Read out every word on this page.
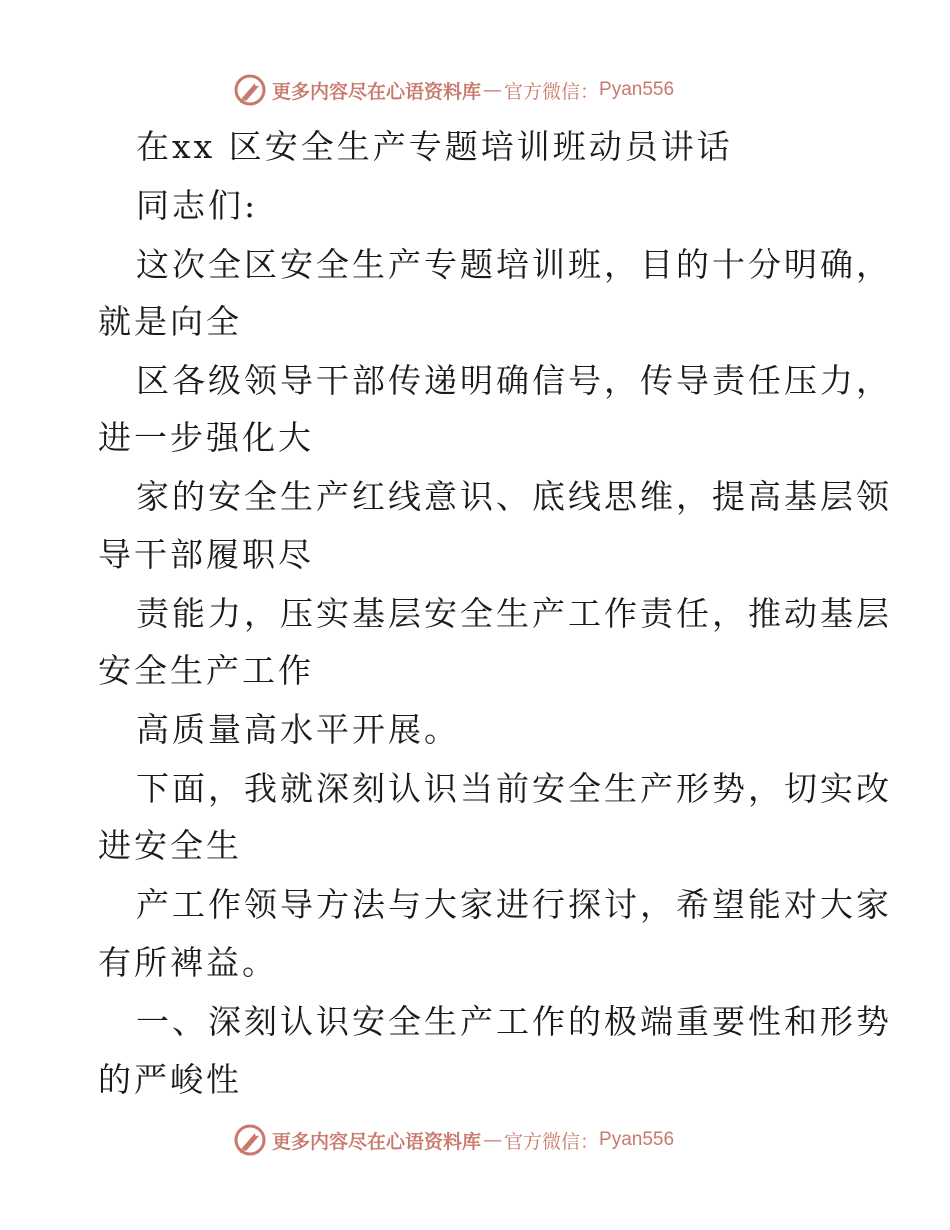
更多内容尽在心语资料库 — 官方微信： Pyan556
在xx 区安全生产专题培训班动员讲话
同志们:
这次全区安全生产专题培训班，目的十分明确，
就是向全
区各级领导干部传递明确信号，传导责任压力，
进一步强化大
家的安全生产红线意识、底线思维，提高基层领
导干部履职尽
责能力，压实基层安全生产工作责任，推动基层
安全生产工作
高质量高水平开展。
下面，我就深刻认识当前安全生产形势，切实改
进安全生
产工作领导方法与大家进行探讨，希望能对大家
有所裨益。
一、深刻认识安全生产工作的极端重要性和形势
的严峻性
更多内容尽在心语资料库 — 官方微信： Pyan556
